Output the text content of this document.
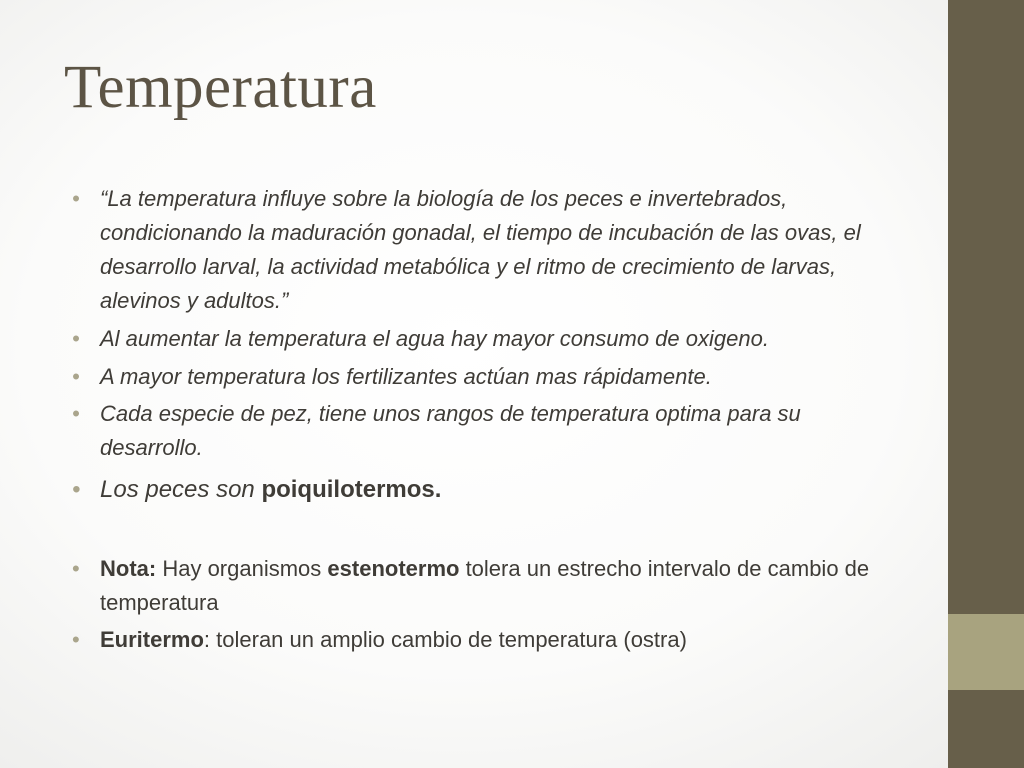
Temperatura
• “La temperatura influye sobre la biología de los peces e invertebrados, condicionando la maduración gonadal, el tiempo de incubación de las ovas, el desarrollo larval, la actividad metabólica y el ritmo de crecimiento de larvas, alevinos y adultos.”
• Al aumentar la temperatura el agua hay mayor consumo de oxigeno.
• A mayor temperatura los fertilizantes actúan mas rápidamente.
• Cada especie de pez, tiene unos rangos de temperatura optima para su desarrollo.
• Los peces son poiquilotermos.
• Nota: Hay organismos estenotermo tolera un estrecho intervalo de cambio de temperatura
• Euritermo: toleran un amplio cambio de temperatura (ostra)
